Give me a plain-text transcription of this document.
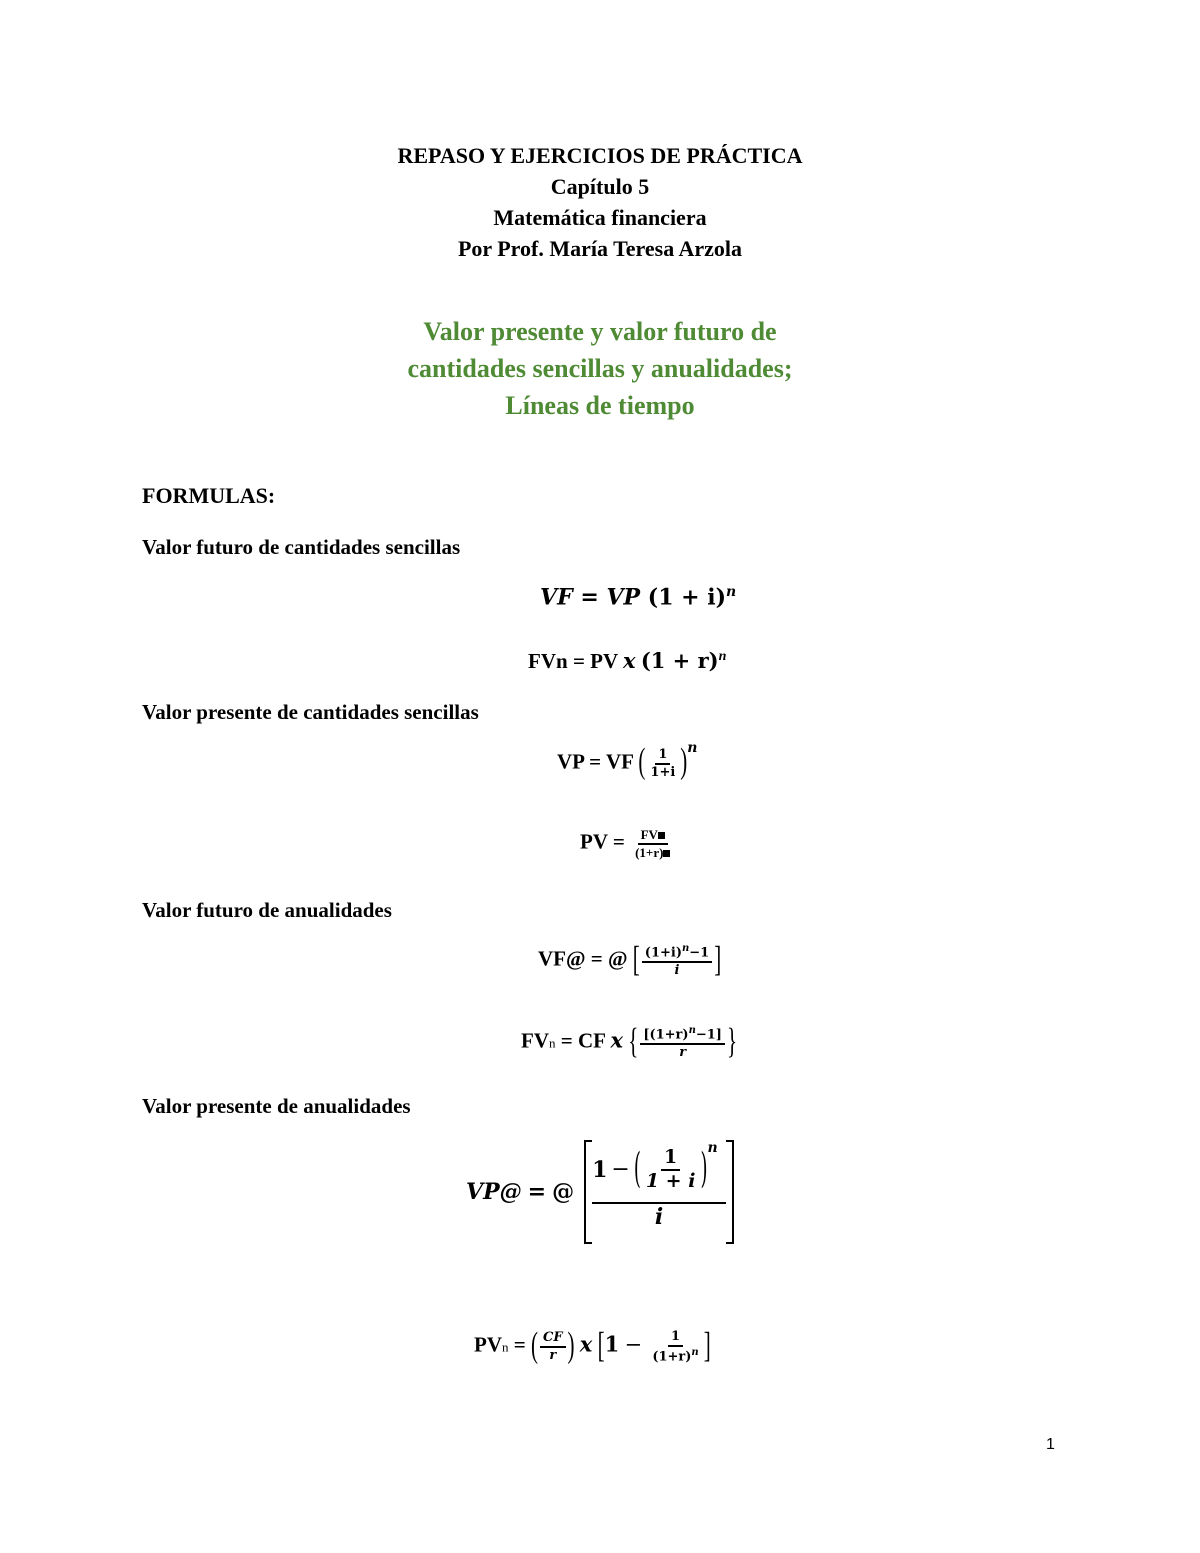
REPASO Y EJERCICIOS DE PRÁCTICA
Capítulo 5
Matemática financiera
Por Prof. María Teresa Arzola
Valor presente y valor futuro de
cantidades sencillas y anualidades;
Líneas de tiempo
FORMULAS:
Valor futuro de cantidades sencillas
VF = VP $(1 + i)^n$
FVn = PV x $(1 + r)^n$
Valor presente de cantidades sencillas
VP = VF ( $\frac{1}{1+i} )^n$
PV = $\frac{FV}{(1+r)}$
Valor futuro de anualidades
VF@ = @ [ $\frac{(1+i)^n-1}{i}$ ]
FVn = CF x { $\frac{[(1+r)^n-1]}{r}$ }
Valor presente de anualidades
VP@ = @
1 − ( $\frac{1}{1 + i} )^n$
i
PVn = ( $\frac{CF}{r}$ ) x [$1 - \frac{1}{(1+r)^n}$ ]
1
